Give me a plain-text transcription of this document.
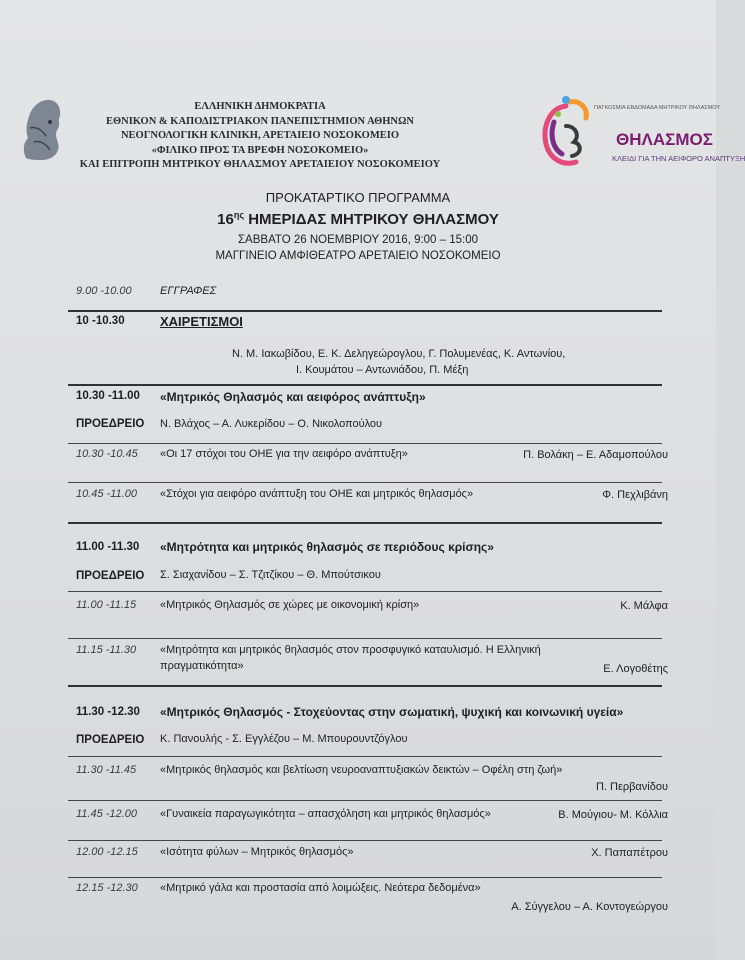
ΕΛΛΗΝΙΚΗ ΔΗΜΟΚΡΑΤΙΑ
ΕΘΝΙΚΟΝ & ΚΑΠΟΔΙΣΤΡΙΑΚΟΝ ΠΑΝΕΠΙΣΤΗΜΙΟΝ ΑΘΗΝΩΝ
ΝΕΟΓΝΟΛΟΓΙΚΗ ΚΛΙΝΙΚΗ, ΑΡΕΤΑΙΕΙΟ ΝΟΣΟΚΟΜΕΙΟ
«ΦΙΛΙΚΟ ΠΡΟΣ ΤΑ ΒΡΕΦΗ ΝΟΣΟΚΟΜΕΙΟ»
ΚΑΙ ΕΠΙΤΡΟΠΗ ΜΗΤΡΙΚΟΥ ΘΗΛΑΣΜΟΥ ΑΡΕΤΑΙΕΙΟΥ ΝΟΣΟΚΟΜΕΙΟΥ
ΠΑΓΚΟΣΜΙΑ ΕΒΔΟΜΑΔΑ ΜΗΤΡΙΚΟΥ ΘΗΛΑΣΜΟΥ
ΘΗΛΑΣΜΟΣ
ΚΛΕΙΔΙ ΓΙΑ ΤΗΝ ΑΕΙΦΟΡΟ ΑΝΑΠΤΥΞΗ
ΠΡΟΚΑΤΑΡΤΙΚΟ ΠΡΟΓΡΑΜΜΑ
$16^{\eta\varsigma}$ ΗΜΕΡΙΔΑΣ ΜΗΤΡΙΚΟΥ ΘΗΛΑΣΜΟΥ
ΣΑΒΒΑΤΟ 26 ΝΟΕΜΒΡΙΟΥ 2016, 9:00 – 15:00
ΜΑΓΓΙΝΕΙΟ ΑΜΦΙΘΕΑΤΡΟ ΑΡΕΤΑΙΕΙΟ ΝΟΣΟΚΟΜΕΙΟ
9.00 -10.00	ΕΓΓΡΑΦΕΣ
10 -10.30	ΧΑΙΡΕΤΙΣΜΟΙ
Ν. Μ. Ιακωβίδου, Ε. Κ. Δεληγεώρογλου, Γ. Πολυμενέας, Κ. Αντωνίου,
Ι. Κουμάτου – Αντωνιάδου, Π. Μέξη
10.30 -11.00 «Μητρικός Θηλασμός και αειφόρος ανάπτυξη»
ΠΡΟΕΔΡΕΙΟ Ν. Βλάχος – Α. Λυκερίδου – Ο. Νικολοπούλου
10.30 -10.45 «Οι 17 στόχοι του ΟΗΕ για την αειφόρο ανάπτυξη»	Π. Βολάκη – Ε. Αδαμοπούλου
10.45 -11.00 «Στόχοι για αειφόρο ανάπτυξη του ΟΗΕ και μητρικός θηλασμός»	Φ. Πεχλιβάνη
11.00 -11.30 «Μητρότητα και μητρικός θηλασμός σε περιόδους κρίσης»
ΠΡΟΕΔΡΕΙΟ Σ. Σιαχανίδου – Σ. Τζιτζίκου – Θ. Μπούτσικου
11.00 -11.15 «Μητρικός Θηλασμός σε χώρες με οικονομική κρίση»	Κ. Μάλφα
11.15 -11.30 «Μητρότητα και μητρικός θηλασμός στον προσφυγικό καταυλισμό. Η Ελληνική
πραγματικότητα»	Ε. Λογοθέτης
11.30 -12.30 «Μητρικός Θηλασμός - Στοχεύοντας στην σωματική, ψυχική και κοινωνική υγεία»
ΠΡΟΕΔΡΕΙΟ Κ. Πανουλής - Σ. Εγγλέζου – Μ. Μπουρουντζόγλου
11.30 -11.45 «Μητρικός θηλασμός και βελτίωση νευροαναπτυξιακών δεικτών – Οφέλη στη ζωή»
Π. Περβανίδου
11.45 -12.00 «Γυναικεία παραγωγικότητα – απασχόληση και μητρικός θηλασμός»	Β. Μούγιου- Μ. Κόλλια
12.00 -12.15 «Ισότητα φύλων – Μητρικός θηλασμός»	Χ. Παπαπέτρου
12.15 -12.30 «Μητρικό γάλα και προστασία από λοιμώξεις. Νεότερα δεδομένα»
Α. Σύγγελου – Α. Κοντογεώργου
